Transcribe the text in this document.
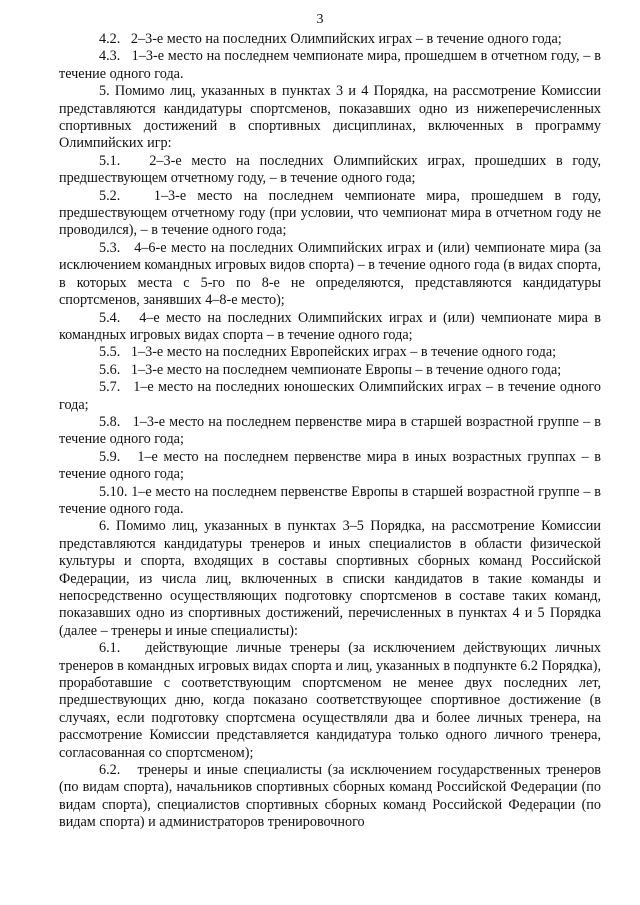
3

4.2.   2–3-е место на последних Олимпийских играх – в течение одного года;

4.3.   1–3-е место на последнем чемпионате мира, прошедшем в отчетном году, – в течение одного года.

5. Помимо лиц, указанных в пунктах 3 и 4 Порядка, на рассмотрение Комиссии представляются кандидатуры спортсменов, показавших одно из нижеперечисленных спортивных достижений в спортивных дисциплинах, включенных в программу Олимпийских игр:

5.1.   2–3-е место на последних Олимпийских играх, прошедших в году, предшествующем отчетному году, – в течение одного года;

5.2.   1–3-е место на последнем чемпионате мира, прошедшем в году, предшествующем отчетному году (при условии, что чемпионат мира в отчетном году не проводился), – в течение одного года;

5.3.   4–6-е место на последних Олимпийских играх и (или) чемпионате мира (за исключением командных игровых видов спорта) – в течение одного года (в видах спорта, в которых места с 5-го по 8-е не определяются, представляются кандидатуры спортсменов, занявших 4–8-е место);

5.4.   4–е место на последних Олимпийских играх и (или) чемпионате мира в командных игровых видах спорта – в течение одного года;

5.5.   1–3-е место на последних Европейских играх – в течение одного года;

5.6.   1–3-е место на последнем чемпионате Европы – в течение одного года;

5.7.   1–е место на последних юношеских Олимпийских играх – в течение одного года;

5.8.   1–3-е место на последнем первенстве мира в старшей возрастной группе – в течение одного года;

5.9.   1–е место на последнем первенстве мира в иных возрастных группах – в течение одного года;

5.10. 1–е место на последнем первенстве Европы в старшей возрастной группе – в течение одного года.

6. Помимо лиц, указанных в пунктах 3–5 Порядка, на рассмотрение Комиссии представляются кандидатуры тренеров и иных специалистов в области физической культуры и спорта, входящих в составы спортивных сборных команд Российской Федерации, из числа лиц, включенных в списки кандидатов в такие команды и непосредственно осуществляющих подготовку спортсменов в составе таких команд, показавших одно из спортивных достижений, перечисленных в пунктах 4 и 5 Порядка (далее – тренеры и иные специалисты):

6.1.   действующие личные тренеры (за исключением действующих личных тренеров в командных игровых видах спорта и лиц, указанных в подпункте 6.2 Порядка), проработавшие с соответствующим спортсменом не менее двух последних лет, предшествующих дню, когда показано соответствующее спортивное достижение (в случаях, если подготовку спортсмена осуществляли два и более личных тренера, на рассмотрение Комиссии представляется кандидатура только одного личного тренера, согласованная со спортсменом);

6.2.   тренеры и иные специалисты (за исключением государственных тренеров (по видам спорта), начальников спортивных сборных команд Российской Федерации (по видам спорта), специалистов спортивных сборных команд Российской Федерации (по видам спорта) и администраторов тренировочного
